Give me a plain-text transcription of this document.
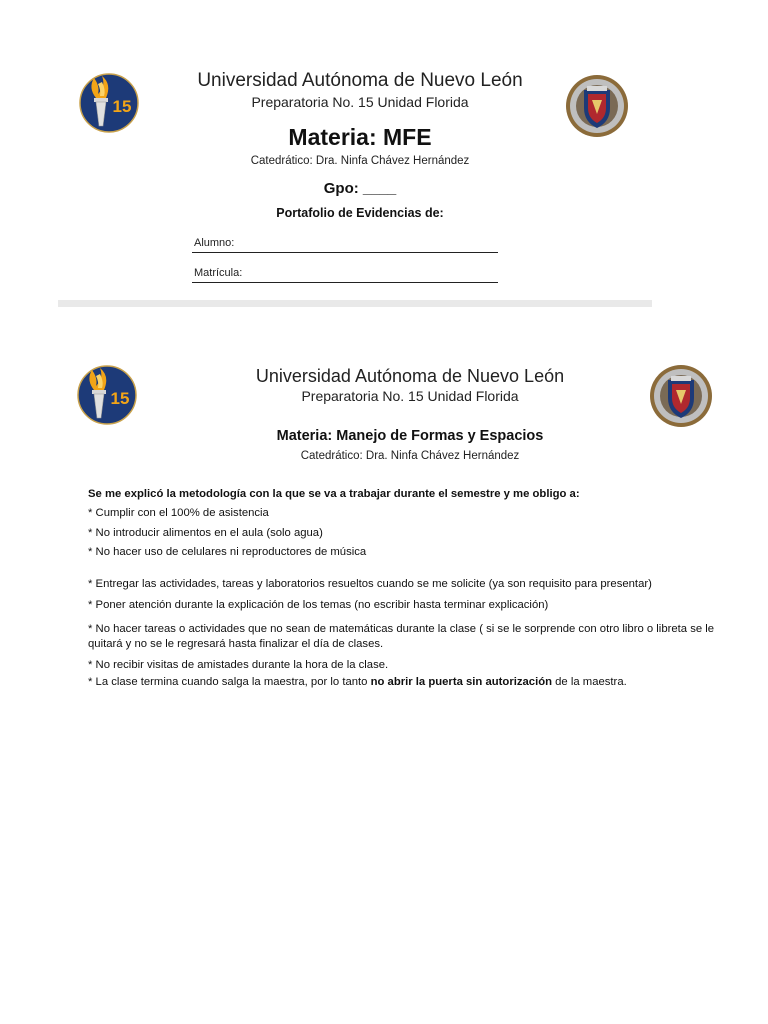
15
Universidad Autónoma de Nuevo León
Preparatoria No. 15 Unidad Florida
Materia: MFE
Catedrático: Dra. Ninfa Chávez Hernández
Gpo: ____
Portafolio de Evidencias de:
Alumno:
Matrícula:
15
Universidad Autónoma de Nuevo León
Preparatoria No. 15 Unidad Florida
Materia: Manejo de Formas y Espacios
Catedrático: Dra. Ninfa Chávez Hernández
Se me explicó la metodología con la que se va a trabajar durante el semestre y me obligo a:
* Cumplir con el 100% de asistencia
* No introducir alimentos en el aula (solo agua)
* No hacer uso de celulares ni reproductores de música
* Entregar las actividades, tareas y laboratorios resueltos cuando se me solicite (ya son requisito para presentar)
* Poner atención durante la explicación de los temas (no escribir hasta terminar explicación)
* No hacer tareas o actividades que no sean de matemáticas durante la clase ( si se le sorprende con otro libro o libreta se le quitará y no se le regresará hasta finalizar el día de clases.
* No recibir visitas de amistades durante la hora de la clase.
* La clase termina cuando salga la maestra, por lo tanto no abrir la puerta sin autorización de la maestra.
